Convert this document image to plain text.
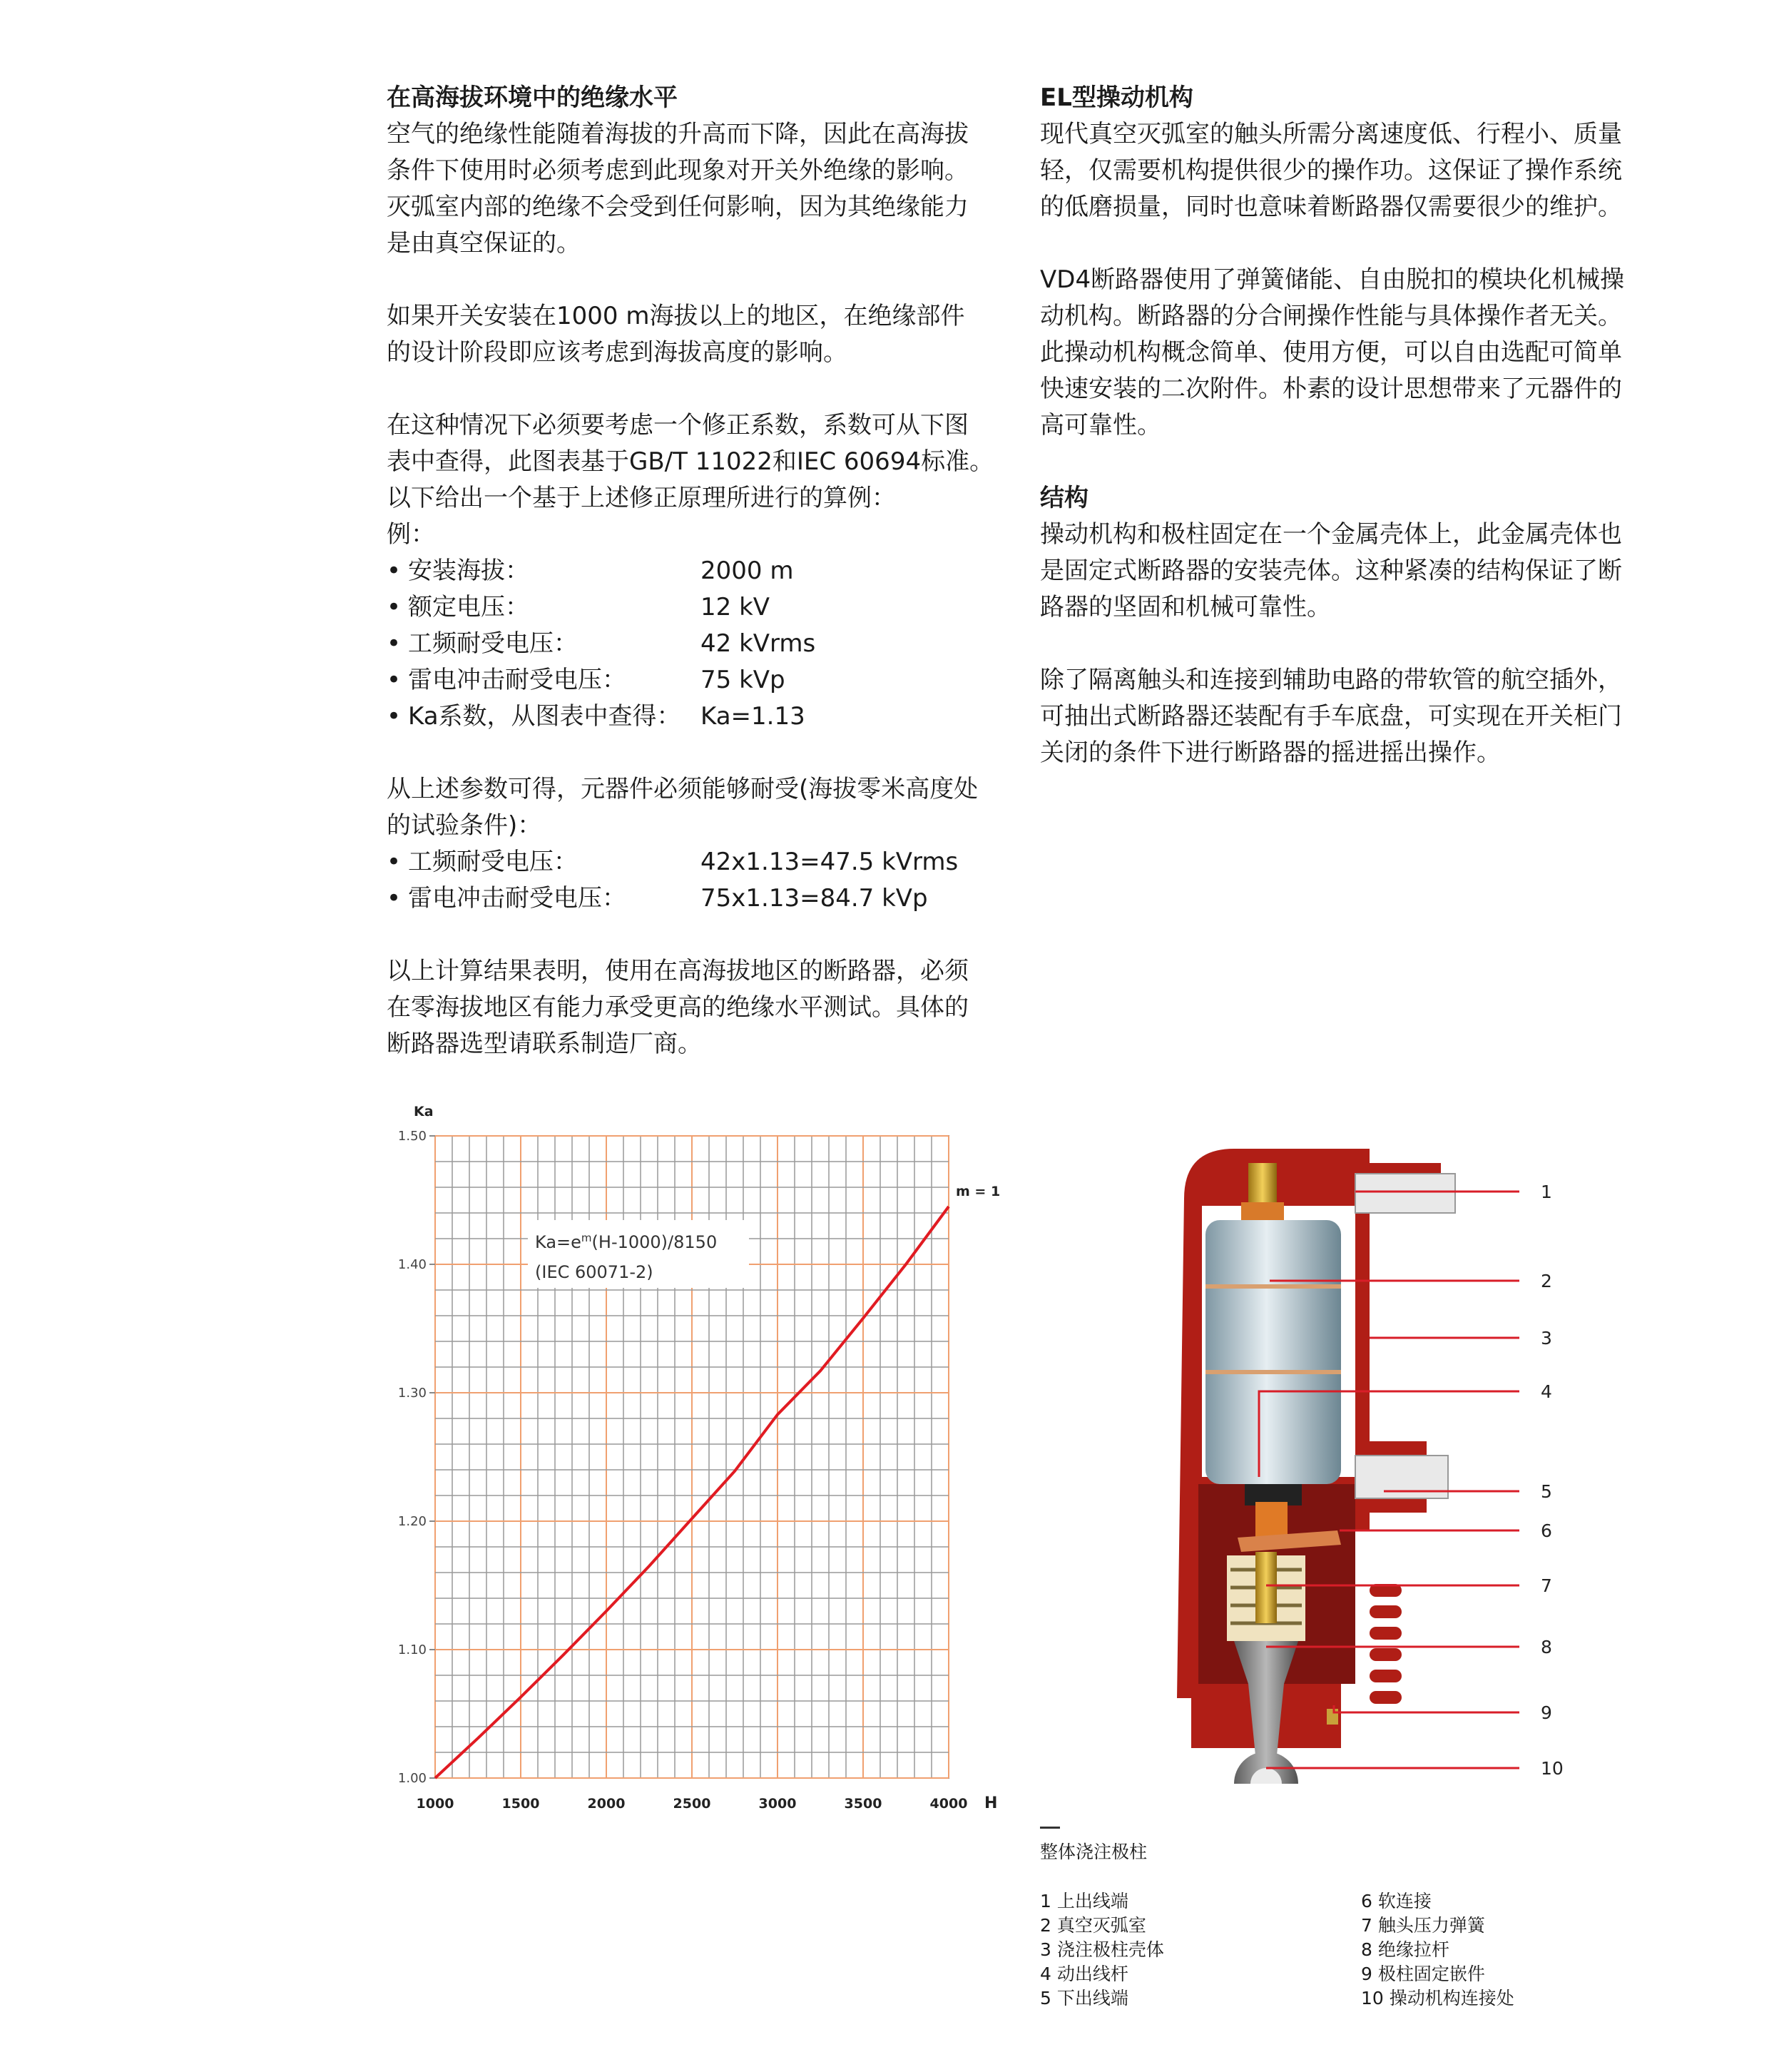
在高海拔环境中的绝缘水平

空气的绝缘性能随着海拔的升高而下降，因此在高海拔

条件下使用时必须考虑到此现象对开关外绝缘的影响。

灭弧室内部的绝缘不会受到任何影响，因为其绝缘能力

是由真空保证的。

如果开关安装在1000 m海拔以上的地区，在绝缘部件

的设计阶段即应该考虑到海拔高度的影响。

在这种情况下必须要考虑一个修正系数，系数可从下图

表中查得，此图表基于GB/T 11022和IEC 60694标准。

以下给出一个基于上述修正原理所进行的算例：

例：

• 安装海拔：	2000 m
• 额定电压：	12 kV
• 工频耐受电压：	42 kVrms
• 雷电冲击耐受电压：	75 kVp
• Ka系数，从图表中查得： Ka=1.13

从上述参数可得，元器件必须能够耐受(海拔零米高度处

的试验条件)：

• 工频耐受电压：	42x1.13=47.5 kVrms
• 雷电冲击耐受电压：	75x1.13=84.7 kVp

以上计算结果表明，使用在高海拔地区的断路器，必须

在零海拔地区有能力承受更高的绝缘水平测试。具体的

断路器选型请联系制造厂商。

EL型操动机构

现代真空灭弧室的触头所需分离速度低、行程小、质量

轻，仅需要机构提供很少的操作功。这保证了操作系统

的低磨损量，同时也意味着断路器仅需要很少的维护。

VD4断路器使用了弹簧储能、自由脱扣的模块化机械操

动机构。断路器的分合闸操作性能与具体操作者无关。

此操动机构概念简单、使用方便，可以自由选配可简单

快速安装的二次附件。朴素的设计思想带来了元器件的

高可靠性。

结构

操动机构和极柱固定在一个金属壳体上，此金属壳体也

是固定式断路器的安装壳体。这种紧凑的结构保证了断

路器的坚固和机械可靠性。

除了隔离触头和连接到辅助电路的带软管的航空插外，

可抽出式断路器还装配有手车底盘，可实现在开关柜门

关闭的条件下进行断路器的摇进摇出操作。

1000	1500	2000	2500	3000	3500	4000
1.00
1.10
1.20
1.30
1.40
1.50
$Ka=e^m(H-1000)/8150$
(IEC 60071-2)
m = 1
Ka
H
1
2
3
4
5
6
7
8
9
10
整体浇注极柱
1 上出线端
2 真空灭弧室
3 浇注极柱壳体
4 动出线杆
5 下出线端
6 软连接
7 触头压力弹簧
8 绝缘拉杆
9 极柱固定嵌件
10 操动机构连接处
